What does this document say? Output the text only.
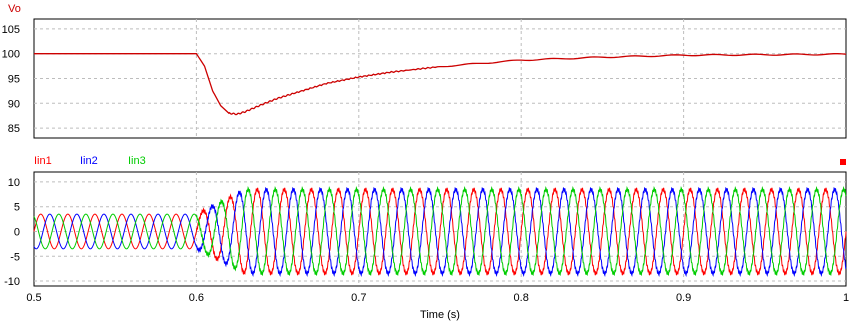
Vo
85
90
95
100
105
Iin1	Iin2	Iin3
-10
-5
0
5
10
0.5	0.6	0.7	0.8	0.9	1
Time (s)
